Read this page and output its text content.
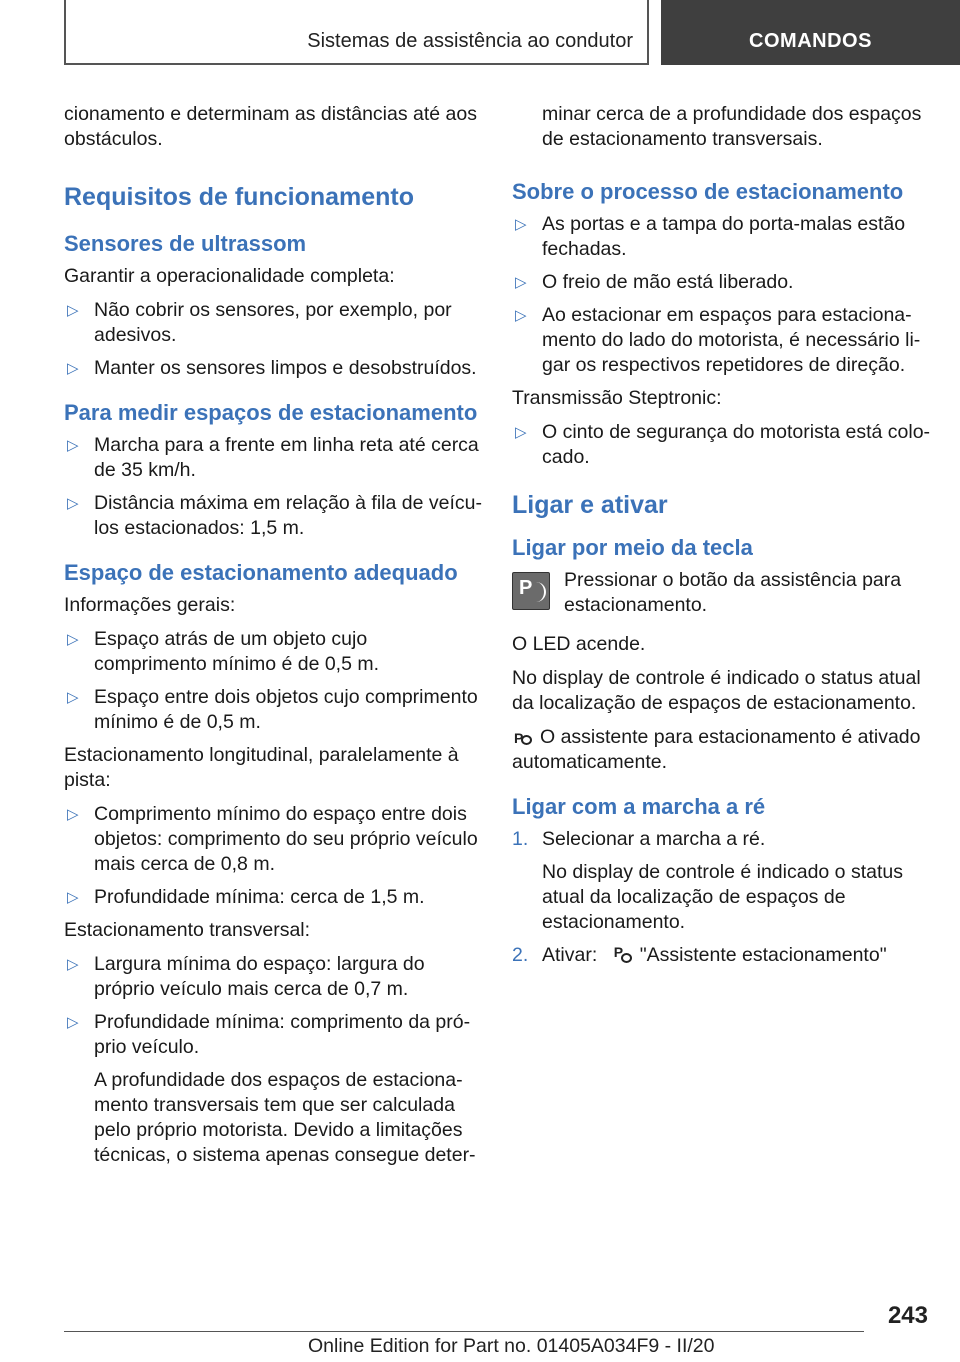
Sistemas de assistência ao condutor	COMANDOS

cionamento e determinam as distâncias até aos obstáculos.

Requisitos de funcionamento
Sensores de ultrassom

Garantir a operacionalidade completa:

▷ Não cobrir os sensores, por exemplo, por adesivos.
▷ Manter os sensores limpos e desobstruídos.
Para medir espaços de estacionamento
▷ Marcha para a frente em linha reta até cerca de 35 km/h.
▷ Distância máxima em relação à fila de veículos estacionados: 1,5 m.
Espaço de estacionamento adequado

Informações gerais:

▷ Espaço atrás de um objeto cujo comprimento mínimo é de 0,5 m.
▷ Espaço entre dois objetos cujo comprimento mínimo é de 0,5 m.

Estacionamento longitudinal, paralelamente à pista:

▷ Comprimento mínimo do espaço entre dois objetos: comprimento do seu próprio veículo mais cerca de 0,8 m.
▷ Profundidade mínima: cerca de 1,5 m.

Estacionamento transversal:

▷ Largura mínima do espaço: largura do próprio veículo mais cerca de 0,7 m.
▷ Profundidade mínima: comprimento da próprio veículo.
A profundidade dos espaços de estacionamento transversais tem que ser calculada pelo próprio motorista. Devido a limitações técnicas, o sistema apenas consegue deter-

minar cerca de a profundidade dos espaços de estacionamento transversais.

Sobre o processo de estacionamento
▷ As portas e a tampa do porta-malas estão fechadas.
▷ O freio de mão está liberado.
▷ Ao estacionar em espaços para estacionamento do lado do motorista, é necessário ligar os respectivos repetidores de direção.

Transmissão Steptronic:

▷ O cinto de segurança do motorista está colocado.
Ligar e ativar
Ligar por meio da tecla
P Pressionar o botão da assistência para estacionamento.

O LED acende.

No display de controle é indicado o status atual da localização de espaços de estacionamento.

P O assistente para estacionamento é ativado automaticamente.

Ligar com a marcha a ré
1. Selecionar a marcha a ré.
No display de controle é indicado o status atual da localização de espaços de estacionamento.
2. Ativar: P "Assistente estacionamento"
243
Online Edition for Part no. 01405A034F9 - II/20
